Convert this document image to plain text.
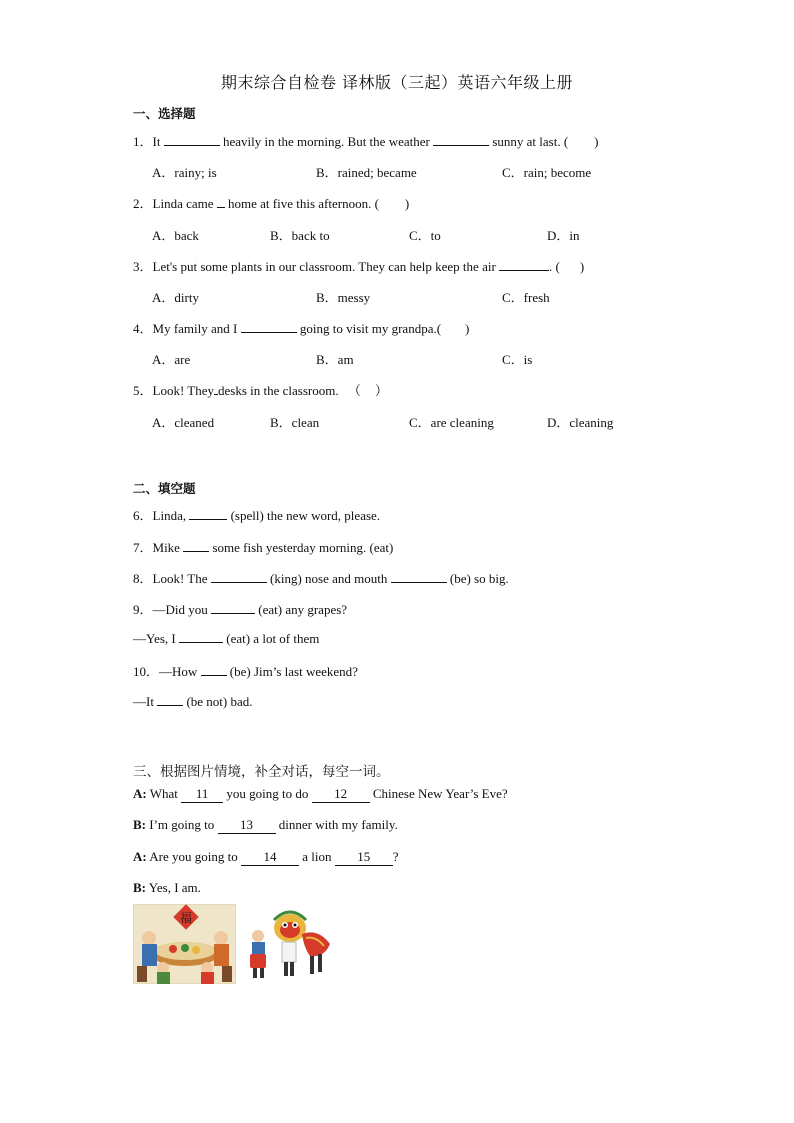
期末综合自检卷 译林版（三起）英语六年级上册
一、选择题
1．It	heavily in the morning. But the weather	sunny at last. ( )
A．rainy; is	B．rained; became	C．rain; become
2．Linda came home at five this afternoon. ( )
A．back	B．back to	C．to	D．in
3．Let's put some plants in our classroom. They can help keep the air	. ( )
A．dirty	B．messy	C．fresh
4．My family and I	going to visit my grandpa.( )
A．are	B．am	C．is
5．Look! They desks in the classroom. （ ）
A．cleaned	B．clean	C．are cleaning	D．cleaning
二、填空题
6．Linda,	(spell) the new word, please.
7．Mike	some fish yesterday morning. (eat)
8．Look! The	(king) nose and mouth	(be) so big.
9．—Did you	(eat) any grapes?
—Yes, I	(eat) a lot of them
10．—How	(be) Jim’s last weekend?
—It	(be not) bad.
三、根据图片情境，补全对话，每空一词。
A: What 11 you going to do 12 Chinese New Year’s Eve?
B: I’m going to 13 dinner with my family.
A: Are you going to 14 a lion 15 ?
B: Yes, I am.
福
